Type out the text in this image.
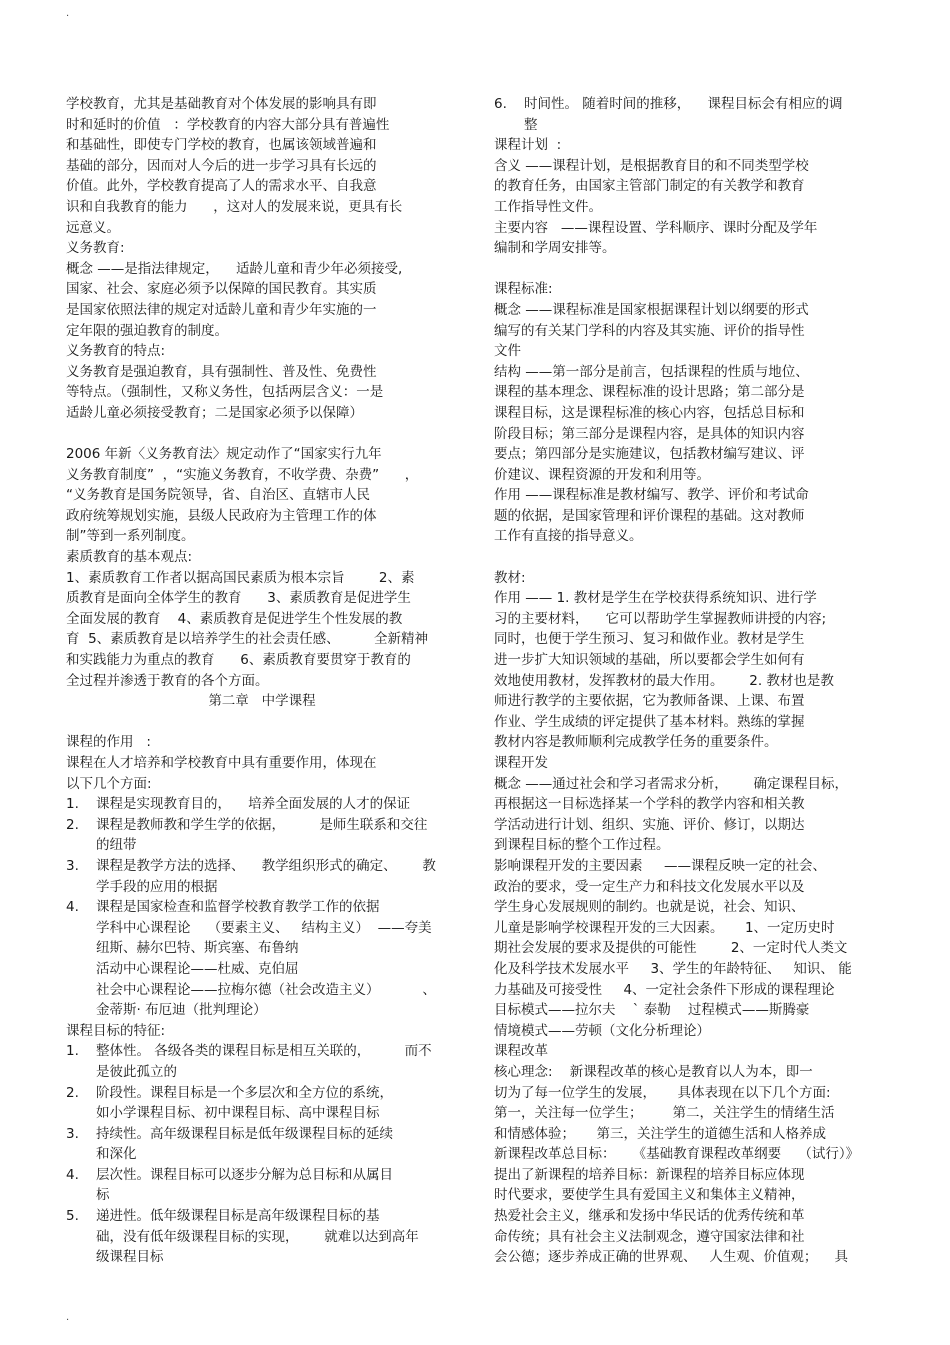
.
学校教育，尤其是基础教育对个体发展的影响具有即
时和延时的价值   ：学校教育的内容大部分具有普遍性
和基础性，即使专门学校的教育，也属该领域普遍和
基础的部分，因而对人今后的进一步学习具有长远的
价值。此外，学校教育提高了人的需求水平、自我意
识和自我教育的能力      ，这对人的发展来说，更具有长
远意义。
义务教育:
概念 ——是指法律规定，    适龄儿童和青少年必须接受,
国家、社会、家庭必须予以保障的国民教育。其实质
是国家依照法律的规定对适龄儿童和青少年实施的一
定年限的强迫教育的制度。
义务教育的特点:
义务教育是强迫教育，具有强制性、普及性、免费性
等特点。（强制性，又称义务性，包括两层含义：一是
适龄儿童必须接受教育；二是国家必须予以保障）
2006 年新〈义务教育法〉规定动作了“国家实行九年
义务教育制度”  ，“实施义务教育，不收学费、杂费”      ，
“义务教育是国务院领导，省、自治区、直辖市人民
政府统筹规划实施，县级人民政府为主管理工作的体
制”等到一系列制度。
素质教育的基本观点:
1、素质教育工作者以据高国民素质为根本宗旨        2、素
质教育是面向全体学生的教育      3、素质教育是促进学生
全面发展的教育    4、素质教育是促进学生个性发展的教
育  5、素质教育是以培养学生的社会责任感、        全新精神
和实践能力为重点的教育      6、素质教育要贯穿于教育的
全过程并渗透于教育的各个方面。
第二章   中学课程
课程的作用   :
课程在人才培养和学校教育中具有重要作用，体现在
以下几个方面:
1.	课程是实现教育目的，    培养全面发展的人才的保证
2.	课程是教师教和学生学的依据，        是师生联系和交往
的纽带
3.	课程是教学方法的选择、    教学组织形式的确定、      教
学手段的应用的根据
4.	课程是国家检查和监督学校教育教学工作的依据
学科中心课程论    （要素主义、   结构主义）  ——夸美
纽斯、赫尔巴特、斯宾塞、布鲁纳
活动中心课程论——杜威、克伯屈
社会中心课程论——拉梅尔德（社会改造主义）          、
金蒂斯· 布厄迪（批判理论）
课程目标的特征:
1.	整体性。 各级各类的课程目标是相互关联的，        而不
是彼此孤立的
2.	阶段性。课程目标是一个多层次和全方位的系统，
如小学课程目标、初中课程目标、高中课程目标
3.	持续性。高年级课程目标是低年级课程目标的延续
和深化
4.	层次性。课程目标可以逐步分解为总目标和从属目
标
5.	递进性。低年级课程目标是高年级课程目标的基
础，没有低年级课程目标的实现，      就难以达到高年
级课程目标
6.	时间性。 随着时间的推移，    课程目标会有相应的调
整
课程计划  :
含义 ——课程计划，是根据教育目的和不同类型学校
的教育任务，由国家主管部门制定的有关教学和教育
工作指导性文件。
主要内容   ——课程设置、学科顺序、课时分配及学年
编制和学周安排等。
课程标准:
概念 ——课程标准是国家根据课程计划以纲要的形式
编写的有关某门学科的内容及其实施、评价的指导性
文件
结构 ——第一部分是前言，包括课程的性质与地位、
课程的基本理念、课程标准的设计思路；第二部分是
课程目标，这是课程标准的核心内容，包括总目标和
阶段目标；第三部分是课程内容，是具体的知识内容
要点；第四部分是实施建议，包括教材编写建议、评
价建议、课程资源的开发和利用等。
作用 ——课程标准是教材编写、教学、评价和考试命
题的依据，是国家管理和评价课程的基础。这对教师
工作有直接的指导意义。
教材:
作用 —— 1. 教材是学生在学校获得系统知识、进行学
习的主要材料，    它可以帮助学生掌握教师讲授的内容;
同时，也便于学生预习、复习和做作业。教材是学生
进一步扩大知识领域的基础，所以要都会学生如何有
效地使用教材，发挥教材的最大作用。      2. 教材也是教
师进行教学的主要依据，它为教师备课、上课、布置
作业、学生成绩的评定提供了基本材料。熟练的掌握
教材内容是教师顺利完成教学任务的重要条件。
课程开发
概念 ——通过社会和学习者需求分析，      确定课程目标，
再根据这一目标选择某一个学科的教学内容和相关教
学活动进行计划、组织、实施、评价、修订，以期达
到课程目标的整个工作过程。
影响课程开发的主要因素     ——课程反映一定的社会、
政治的要求，受一定生产力和科技文化发展水平以及
学生身心发展规则的制约。也就是说，社会、知识、
儿童是影响学校课程开发的三大因素。     1、一定历史时
期社会发展的要求及提供的可能性        2、一定时代人类文
化及科学技术发展水平     3、学生的年龄特征、   知识、 能
力基础及可接受性     4、一定社会条件下形成的课程理论
目标模式——拉尔夫    ` 泰勒    过程模式——斯腾豪
情境模式——劳顿（文化分析理论）
课程改革
核心理念:    新课程改革的核心是教育以人为本，即一
切为了每一位学生的发展，     具体表现在以下几个方面:
第一，关注每一位学生；       第二，关注学生的情绪生活
和情感体验；     第三，关注学生的道德生活和人格养成
新课程改革总目标：    《基础教育课程改革纲要    （试行）》
提出了新课程的培养目标：新课程的培养目标应体现
时代要求，要使学生具有爱国主义和集体主义精神，
热爱社会主义，继承和发扬中华民话的优秀传统和革
命传统；具有社会主义法制观念，遵守国家法律和社
会公德；逐步养成正确的世界观、   人生观、价值观；    具
.
